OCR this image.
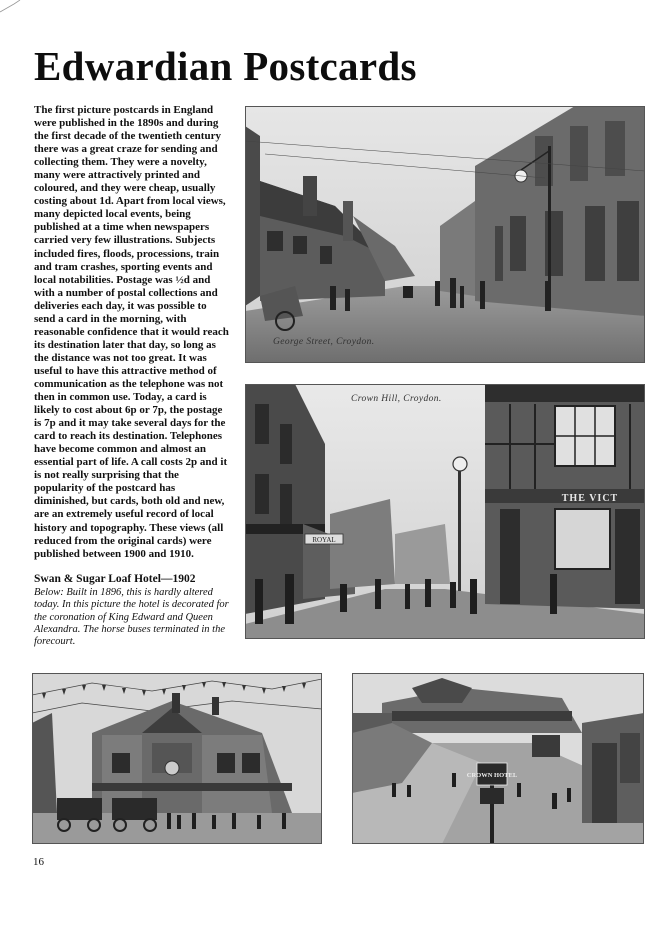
Edwardian Postcards

The first picture postcards in England were published in the 1890s and during the first decade of the twentieth century there was a great craze for sending and collecting them. They were a novelty, many were attractively printed and coloured, and they were cheap, usually costing about 1d. Apart from local views, many depicted local events, being published at a time when newspapers carried very few illustrations. Subjects included fires, floods, processions, train and tram crashes, sporting events and local notabilities. Postage was ½d and with a number of postal collections and deliveries each day, it was possible to send a card in the morning, with reasonable confidence that it would reach its destination later that day, so long as the distance was not too great. It was useful to have this attractive method of communication as the telephone was not then in common use. Today, a card is likely to cost about 6p or 7p, the postage is 7p and it may take several days for the card to reach its destination. Telephones have become common and almost an essential part of life. A call costs 2p and it is not really surprising that the popularity of the postcard has diminished, but cards, both old and new, are an extremely useful record of local history and topography. These views (all reduced from the original cards) were published between 1900 and 1910.

Swan & Sugar Loaf Hotel—1902
Below: Built in 1896, this is hardly altered today. In this picture the hotel is decorated for the coronation of King Edward and Queen Alexandra. The horse buses terminated in the forecourt.
George Street, Croydon.
ROYAL
THE VICT
Crown Hill, Croydon.
CROWN HOTEL
16
